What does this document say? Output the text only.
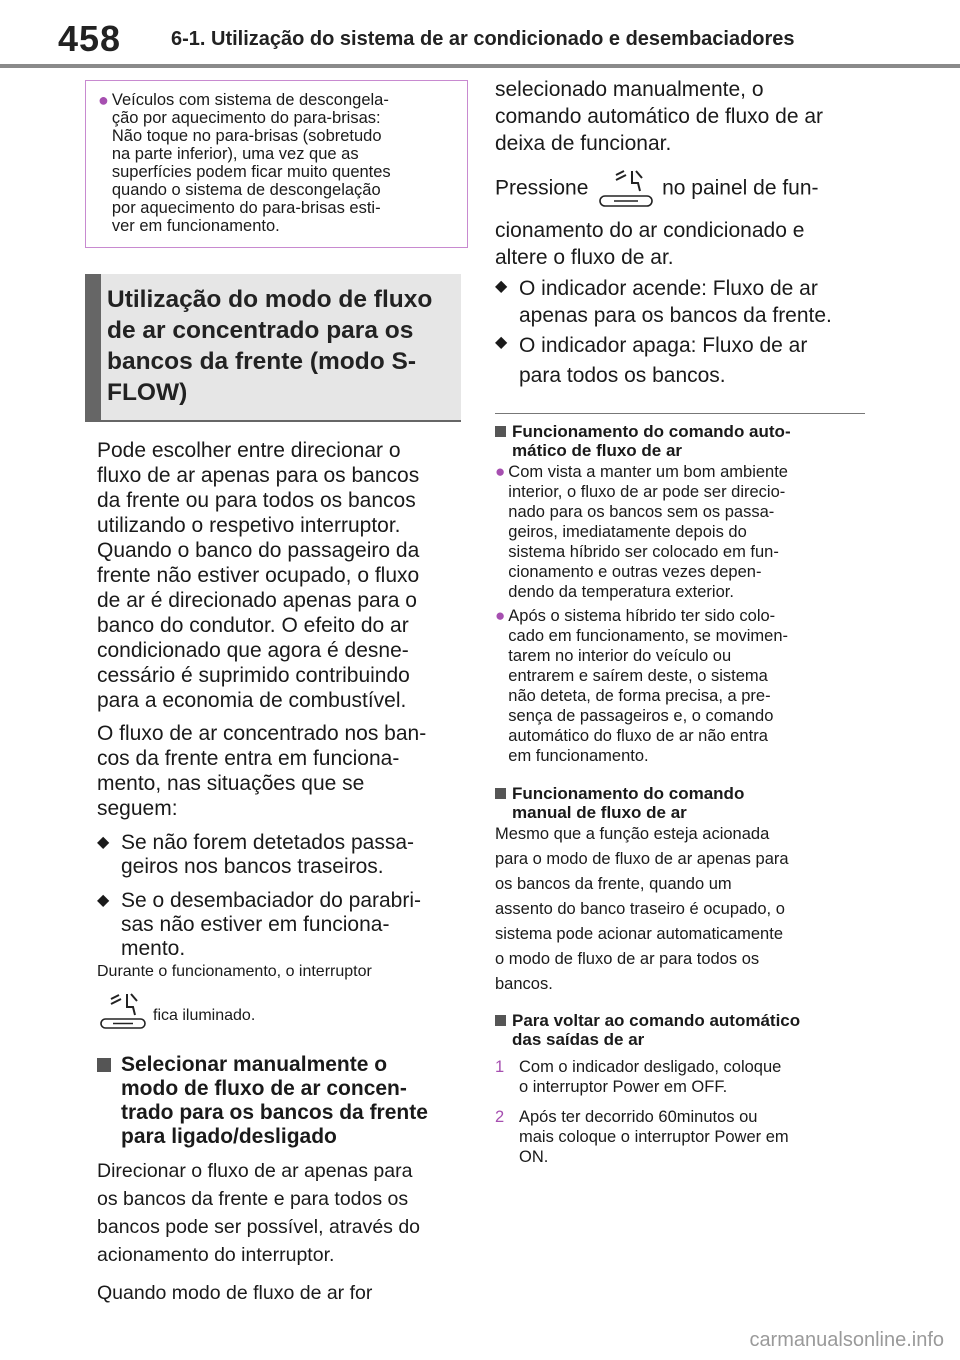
458 6-1. Utilização do sistema de ar condicionado e desembaciadores
● Veículos com sistema de descongela-
ção por aquecimento do para-brisas:
Não toque no para-brisas (sobretudo
na parte inferior), uma vez que as
superfícies podem ficar muito quentes
quando o sistema de descongelação
por aquecimento do para-brisas esti-
ver em funcionamento.
Utilização do modo de fluxo
de ar concentrado para os
bancos da frente (modo S-
FLOW)

Pode escolher entre direcionar o
fluxo de ar apenas para os bancos
da frente ou para todos os bancos
utilizando o respetivo interruptor.
Quando o banco do passageiro da
frente não estiver ocupado, o fluxo
de ar é direcionado apenas para o
banco do condutor. O efeito do ar
condicionado que agora é desne-
cessário é suprimido contribuindo
para a economia de combustível.

O fluxo de ar concentrado nos ban-
cos da frente entra em funciona-
mento, nas situações que se
seguem:

◆ Se não forem detetados passa-
geiros nos bancos traseiros.
◆ Se o desembaciador do parabri-
sas não estiver em funciona-
mento.
Durante o funcionamento, o interruptor
fica iluminado.
Selecionar manualmente o
modo de fluxo de ar concen-
trado para os bancos da frente
para ligado/desligado
Direcionar o fluxo de ar apenas para
os bancos da frente e para todos os
bancos pode ser possível, através do
acionamento do interruptor.
Quando modo de fluxo de ar for
selecionado manualmente, o
comando automático de fluxo de ar
deixa de funcionar.
Pressione	no painel de fun-
cionamento do ar condicionado e
altere o fluxo de ar.
◆ O indicador acende: Fluxo de ar
apenas para os bancos da frente.
◆ O indicador apaga: Fluxo de ar
para todos os bancos.
Funcionamento do comando auto-
mático de fluxo de ar
● Com vista a manter um bom ambiente
interior, o fluxo de ar pode ser direcio-
nado para os bancos sem os passa-
geiros, imediatamente depois do
sistema híbrido ser colocado em fun-
cionamento e outras vezes depen-
dendo da temperatura exterior.
● Após o sistema híbrido ter sido colo-
cado em funcionamento, se movimen-
tarem no interior do veículo ou
entrarem e saírem deste, o sistema
não deteta, de forma precisa, a pre-
sença de passageiros e, o comando
automático do fluxo de ar não entra
em funcionamento.
Funcionamento do comando
manual de fluxo de ar
Mesmo que a função esteja acionada
para o modo de fluxo de ar apenas para
os bancos da frente, quando um
assento do banco traseiro é ocupado, o
sistema pode acionar automaticamente
o modo de fluxo de ar para todos os
bancos.
Para voltar ao comando automático
das saídas de ar
1 Com o indicador desligado, coloque
o interruptor Power em OFF.
2 Após ter decorrido 60minutos ou
mais coloque o interruptor Power em
ON.
carmanualsonline.info
